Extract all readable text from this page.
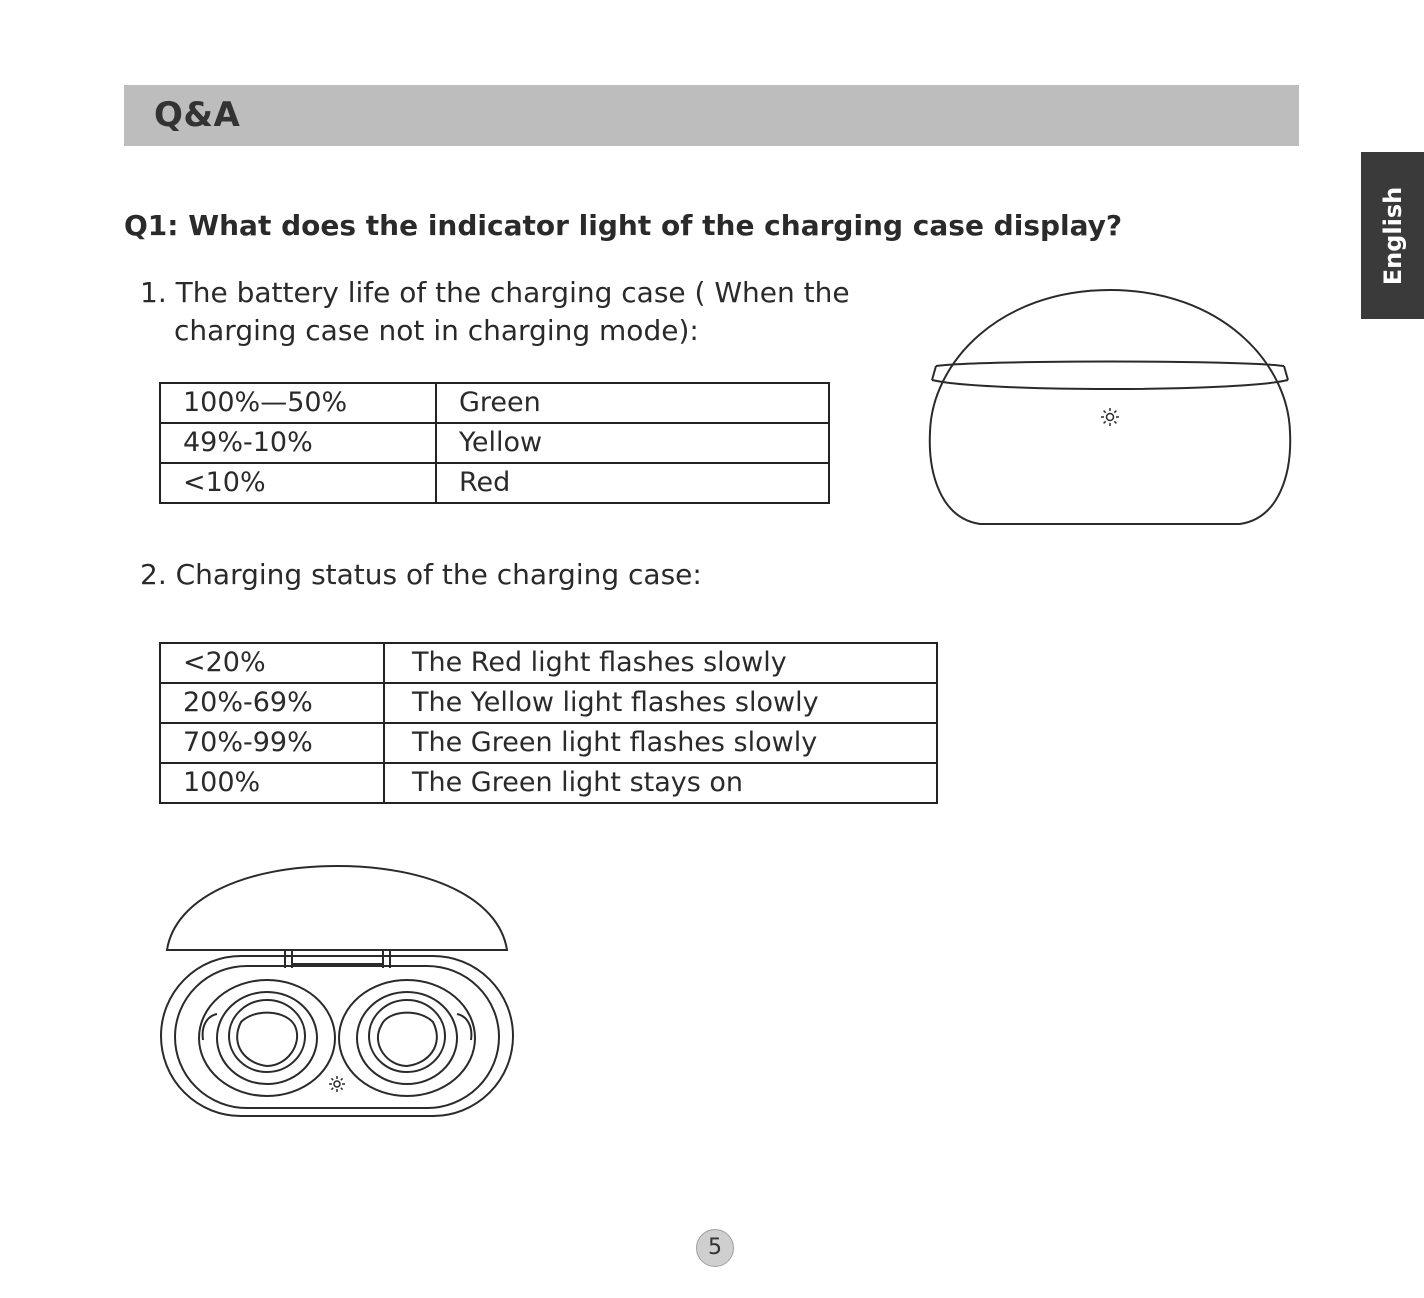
Q&A
English
Q1: What does the indicator light of the charging case display?
1. The battery life of the charging case ( When the
charging case not in charging mode):
100%—50%	Green
49%-10%	Yellow
<10%	Red
2. Charging status of the charging case:
<20%	The Red light flashes slowly
20%-69%	The Yellow light flashes slowly
70%-99%	The Green light flashes slowly
100%	The Green light stays on
5
